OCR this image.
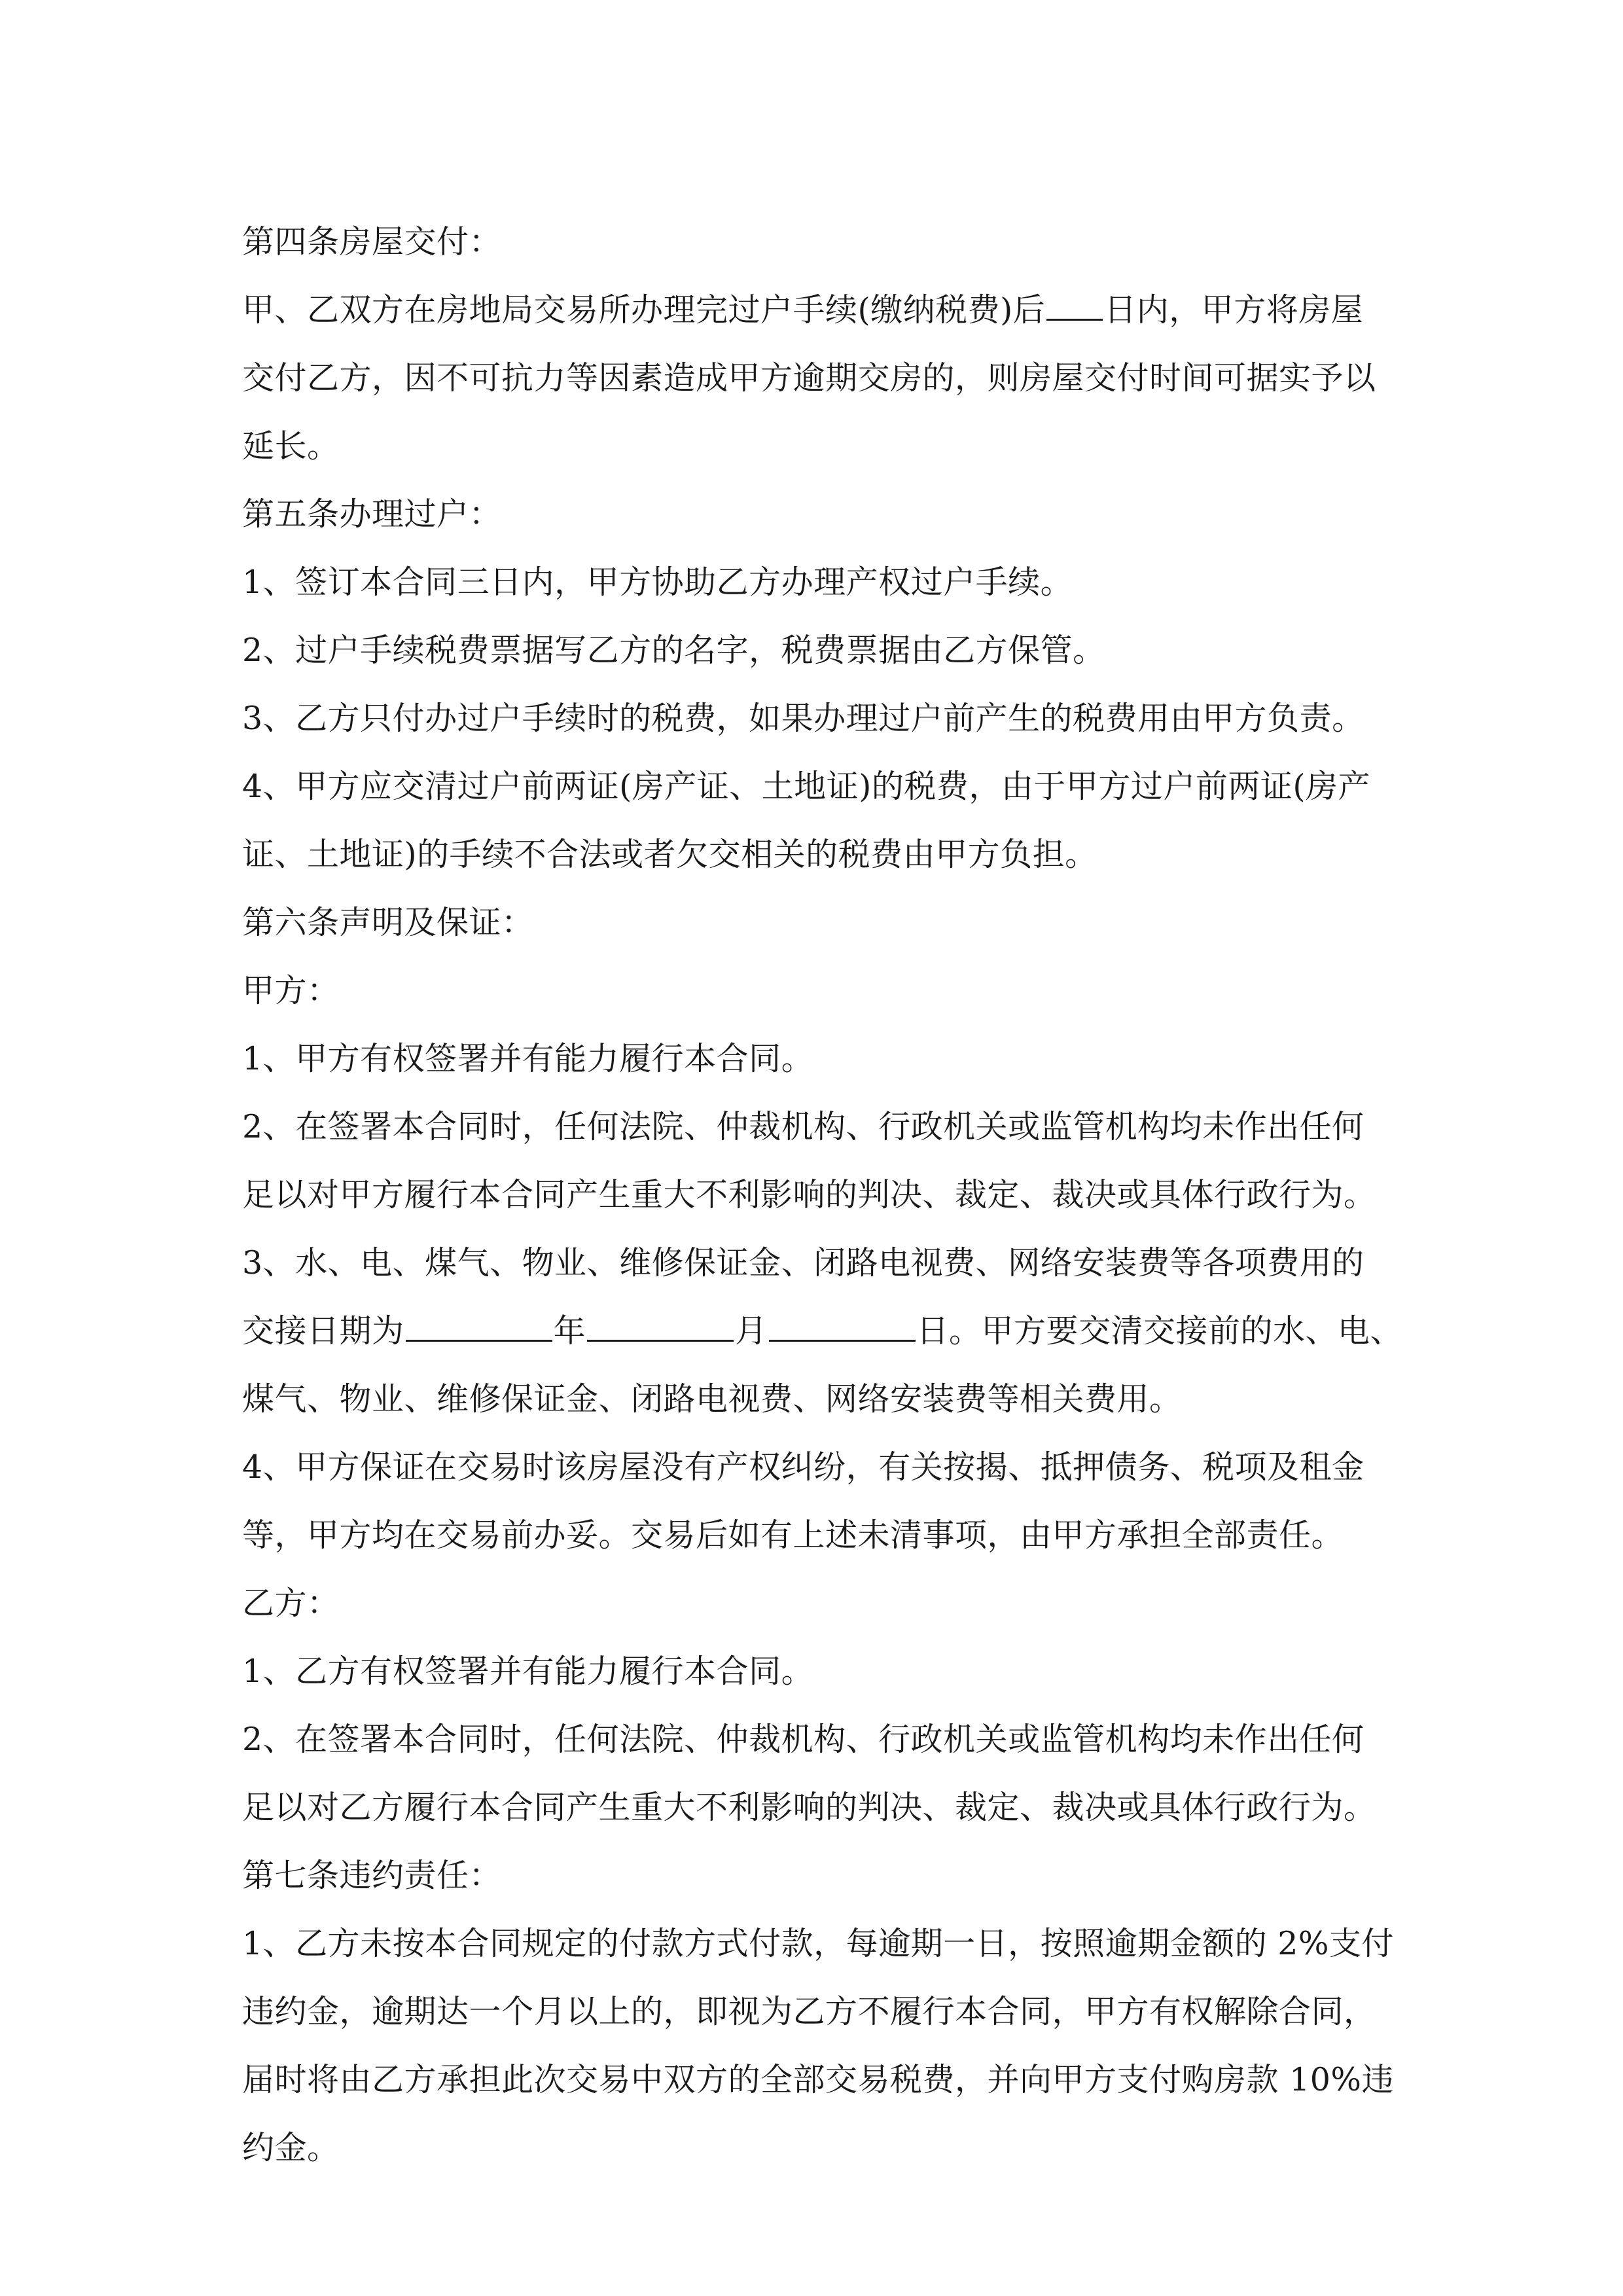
第四条房屋交付：
甲、乙双方在房地局交易所办理完过户手续(缴纳税费)后 日内，甲方将房屋
交付乙方，因不可抗力等因素造成甲方逾期交房的，则房屋交付时间可据实予以
延长。
第五条办理过户：
1、签订本合同三日内，甲方协助乙方办理产权过户手续。
2、过户手续税费票据写乙方的名字，税费票据由乙方保管。
3、乙方只付办过户手续时的税费，如果办理过户前产生的税费用由甲方负责。
4、甲方应交清过户前两证(房产证、土地证)的税费，由于甲方过户前两证(房产
证、土地证)的手续不合法或者欠交相关的税费由甲方负担。
第六条声明及保证：
甲方：
1、甲方有权签署并有能力履行本合同。
2、在签署本合同时，任何法院、仲裁机构、行政机关或监管机构均未作出任何
足以对甲方履行本合同产生重大不利影响的判决、裁定、裁决或具体行政行为。
3、水、电、煤气、物业、维修保证金、闭路电视费、网络安装费等各项费用的
交接日期为	年	月	日。甲方要交清交接前的水、电、
煤气、物业、维修保证金、闭路电视费、网络安装费等相关费用。
4、甲方保证在交易时该房屋没有产权纠纷，有关按揭、抵押债务、税项及租金
等，甲方均在交易前办妥。交易后如有上述未清事项，由甲方承担全部责任。
乙方：
1、乙方有权签署并有能力履行本合同。
2、在签署本合同时，任何法院、仲裁机构、行政机关或监管机构均未作出任何
足以对乙方履行本合同产生重大不利影响的判决、裁定、裁决或具体行政行为。
第七条违约责任：
1、乙方未按本合同规定的付款方式付款，每逾期一日，按照逾期金额的 2%支付
违约金，逾期达一个月以上的，即视为乙方不履行本合同，甲方有权解除合同，
届时将由乙方承担此次交易中双方的全部交易税费，并向甲方支付购房款 10%违
约金。
